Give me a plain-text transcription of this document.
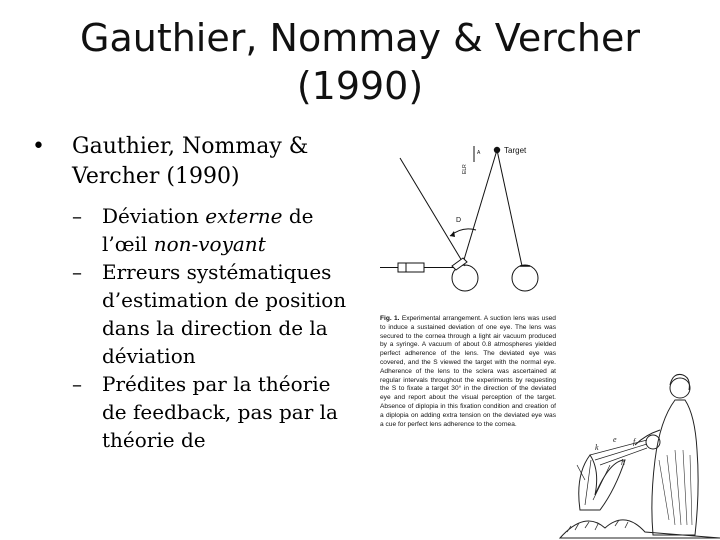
Gauthier, Nommay & Vercher
(1990)
• Gauthier, Nommay & Vercher (1990)
– Déviation externe de l’œil non-voyant
– Erreurs systématiques d’estimation de position dans la direction de la déviation
– Prédites par la théorie de feedback, pas par la théorie de
Target
ELR
A
D
Fig. 1. Experimental arrangement. A suction lens was used to induce a sustained deviation of one eye. The lens was secured to the cornea through a light air vacuum produced by a syringe. A vacuum of about 0.8 atmospheres yielded perfect adherence of the lens. The deviated eye was covered, and the S viewed the target with the normal eye. Adherence of the lens to the sclera was ascertained at regular intervals throughout the experiments by requesting the S to fixate a target 30° in the direction of the deviated eye and report about the visual perception of the target. Absence of diplopia in this fixation condition and creation of a diplopia on adding extra tension on the deviated eye was a cue for perfect lens adherence to the cornea.
k
h
f
e
